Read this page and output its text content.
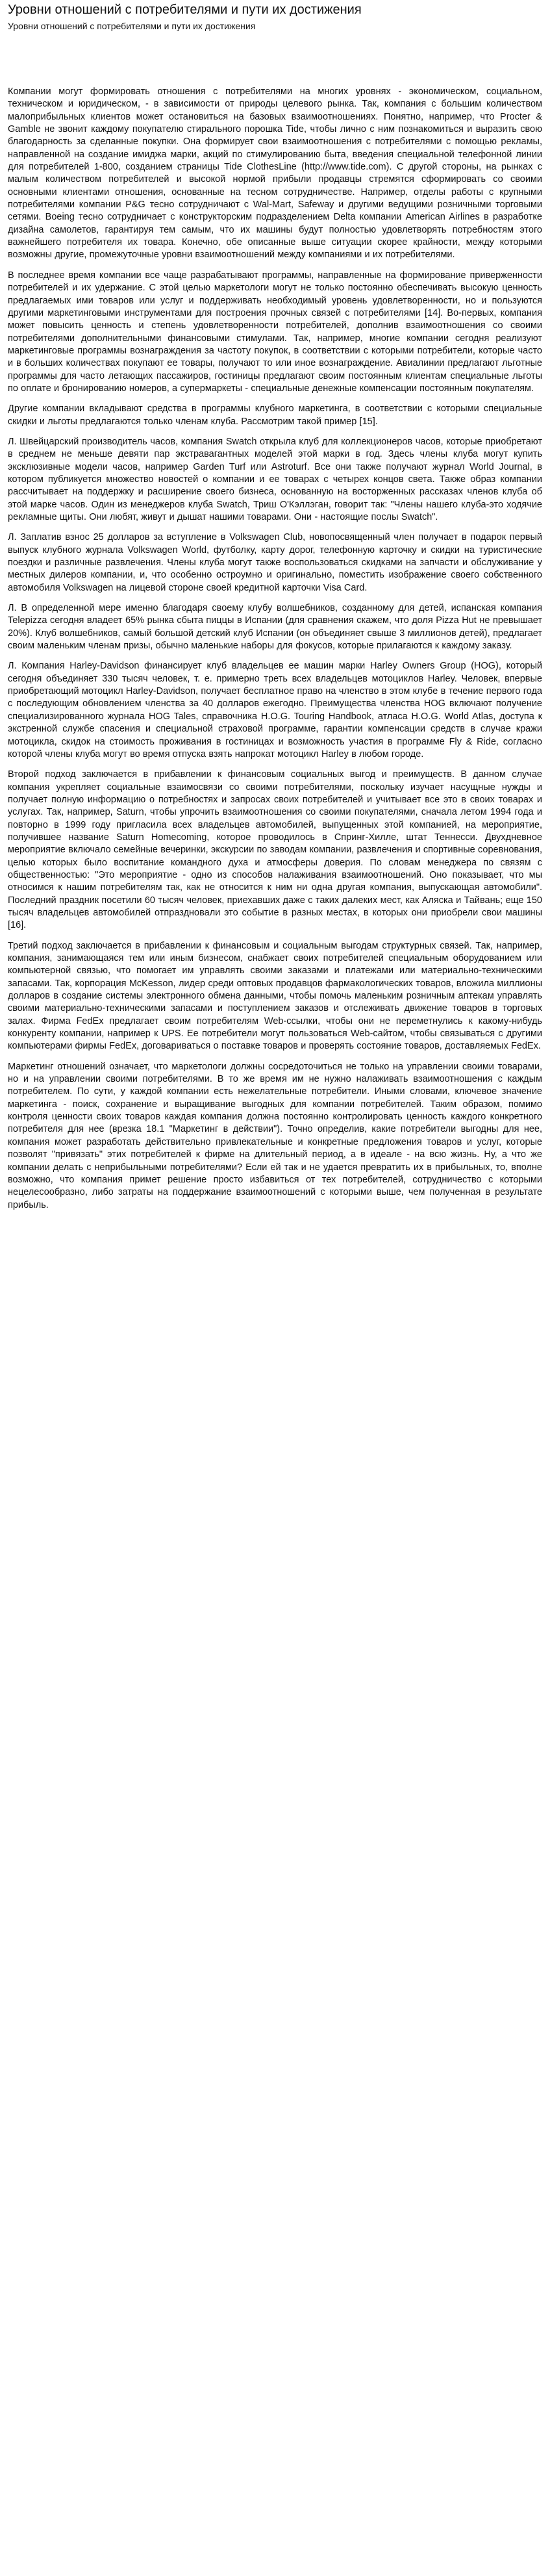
Уровни отношений с потребителями и пути их достижения
Уровни отношений с потребителями и пути их достижения

Компании могут формировать отношения с потребителями на многих уровнях - экономическом, социальном, техническом и юридическом, - в зависимости от природы целевого рынка. Так, компания с большим количеством малоприбыльных клиентов может остановиться на базовых взаимоотношениях. Понятно, например, что Procter & Gamble не звонит каждому покупателю стирального порошка Tide, чтобы лично с ним познакомиться и выразить свою благодарность за сделанные покупки. Она формирует свои взаимоотношения с потребителями с помощью рекламы, направленной на создание имиджа марки, акций по стимулированию быта, введения специальной телефонной линии для потребителей 1-800, созданием страницы Tide ClothesLine (http://www.tide.com). С другой стороны, на рынках с малым количеством потребителей и высокой нормой прибыли продавцы стремятся сформировать со своими основными клиентами отношения, основанные на тесном сотрудничестве. Например, отделы работы с крупными потребителями компании P&G тесно сотрудничают с Wal-Mart, Safeway и другими ведущими розничными торговыми сетями. Boeing тесно сотрудничает с конструкторским подразделением Delta компании American Airlines в разработке дизайна самолетов, гарантируя тем самым, что их машины будут полностью удовлетворять потребностям этого важнейшего потребителя их товара. Конечно, обе описанные выше ситуации скорее крайности, между которыми возможны другие, промежуточные уровни взаимоотношений между компаниями и их потребителями.

В последнее время компании все чаще разрабатывают программы, направленные на формирование приверженности потребителей и их удержание. С этой целью маркетологи могут не только постоянно обеспечивать высокую ценность предлагаемых ими товаров или услуг и поддерживать необходимый уровень удовлетворенности, но и пользуются другими маркетинговыми инструментами для построения прочных связей с потребителями [14]. Во-первых, компания может повысить ценность и степень удовлетворенности потребителей, дополнив взаимоотношения со своими потребителями дополнительными финансовыми стимулами. Так, например, многие компании сегодня реализуют маркетинговые программы вознаграждения за частоту покупок, в соответствии с которыми потребители, которые часто и в больших количествах покупают ее товары, получают то или иное вознаграждение. Авиалинии предлагают льготные программы для часто летающих пассажиров, гостиницы предлагают своим постоянным клиентам специальные льготы по оплате и бронированию номеров, а супермаркеты - специальные денежные компенсации постоянным покупателям.

Другие компании вкладывают средства в программы клубного маркетинга, в соответствии с которыми специальные скидки и льготы предлагаются только членам клуба. Рассмотрим такой пример [15].

Л. Швейцарский производитель часов, компания Swatch открыла клуб для коллекционеров часов, которые приобретают в среднем не меньше девяти пар экстравагантных моделей этой марки в год. Здесь члены клуба могут купить эксклюзивные модели часов, например Garden Turf или Astroturf. Все они также получают журнал World Journal, в котором публикуется множество новостей о компании и ее товарах с четырех концов света. Также образ компании рассчитывает на поддержку и расширение своего бизнеса, основанную на восторженных рассказах членов клуба об этой марке часов. Один из менеджеров клуба Swatch, Триш О'Кэллэган, говорит так: "Члены нашего клуба-это ходячие рекламные щиты. Они любят, живут и дышат нашими товарами. Они - настоящие послы Swatch".

Л. Заплатив взнос 25 долларов за вступление в Volkswagen Club, новопосвященный член получает в подарок первый выпуск клубного журнала Volkswagen World, футболку, карту дорог, телефонную карточку и скидки на туристические поездки и различные развлечения. Члены клуба могут также воспользоваться скидками на запчасти и обслуживание у местных дилеров компании, и, что особенно остроумно и оригинально, поместить изображение своего собственного автомобиля Volkswagen на лицевой стороне своей кредитной карточки Visa Card.

Л. В определенной мере именно благодаря своему клубу волшебников, созданному для детей, испанская компания Telepizza сегодня владеет 65% рынка сбыта пиццы в Испании (для сравнения скажем, что доля Pizza Hut не превышает 20%). Клуб волшебников, самый большой детский клуб Испании (он объединяет свыше 3 миллионов детей), предлагает своим маленьким членам призы, обычно маленькие наборы для фокусов, которые прилагаются к каждому заказу.

Л. Компания Harley-Davidson финансирует клуб владельцев ее машин марки Harley Owners Group (HOG), который сегодня объединяет 330 тысяч человек, т. е. примерно треть всех владельцев мотоциклов Harley. Человек, впервые приобретающий мотоцикл Harley-Davidson, получает бесплатное право на членство в этом клубе в течение первого года с последующим обновлением членства за 40 долларов ежегодно. Преимущества членства HOG включают получение специализированного журнала HOG Tales, справочника H.O.G. Touring Handbook, атласа H.O.G. World Atlas, доступа к экстренной службе спасения и специальной страховой программе, гарантии компенсации средств в случае кражи мотоцикла, скидок на стоимость проживания в гостиницах и возможность участия в программе Fly & Ride, согласно которой члены клуба могут во время отпуска взять напрокат мотоцикл Harley в любом городе.

Второй подход заключается в прибавлении к финансовым социальных выгод и преимуществ. В данном случае компания укрепляет социальные взаимосвязи со своими потребителями, поскольку изучает насущные нужды и получает полную информацию о потребностях и запросах своих потребителей и учитывает все это в своих товарах и услугах. Так, например, Saturn, чтобы упрочить взаимоотношения со своими покупателями, сначала летом 1994 года и повторно в 1999 году пригласила всех владельцев автомобилей, выпущенных этой компанией, на мероприятие, получившее название Saturn Homecoming, которое проводилось в Спринг-Хилле, штат Теннесси. Двухдневное мероприятие включало семейные вечеринки, экскурсии по заводам компании, развлечения и спортивные соревнования, целью которых было воспитание командного духа и атмосферы доверия. По словам менеджера по связям с общественностью: "Это мероприятие - одно из способов налаживания взаимоотношений. Оно показывает, что мы относимся к нашим потребителям так, как не относится к ним ни одна другая компания, выпускающая автомобили". Последний праздник посетили 60 тысяч человек, приехавших даже с таких далеких мест, как Аляска и Тайвань; еще 150 тысяч владельцев автомобилей отпраздновали это событие в разных местах, в которых они приобрели свои машины [16].

Третий подход заключается в прибавлении к финансовым и социальным выгодам структурных связей. Так, например, компания, занимающаяся тем или иным бизнесом, снабжает своих потребителей специальным оборудованием или компьютерной связью, что помогает им управлять своими заказами и платежами или материально-техническими запасами. Так, корпорация McKesson, лидер среди оптовых продавцов фармакологических товаров, вложила миллионы долларов в создание системы электронного обмена данными, чтобы помочь маленьким розничным аптекам управлять своими материально-техническими запасами и поступлением заказов и отслеживать движение товаров в торговых залах. Фирма FedEx предлагает своим потребителям Web-ссылки, чтобы они не переметнулись к какому-нибудь конкуренту компании, например к UPS. Ее потребители могут пользоваться Web-сайтом, чтобы связываться с другими компьютерами фирмы FedEx, договариваться о поставке товаров и проверять состояние товаров, доставляемых FedEx.

Маркетинг отношений означает, что маркетологи должны сосредоточиться не только на управлении своими товарами, но и на управлении своими потребителями. В то же время им не нужно налаживать взаимоотношения с каждым потребителем. По сути, у каждой компании есть нежелательные потребители. Иными словами, ключевое значение маркетинга - поиск, сохранение и выращивание выгодных для компании потребителей. Таким образом, помимо контроля ценности своих товаров каждая компания должна постоянно контролировать ценность каждого конкретного потребителя для нее (врезка 18.1 "Маркетинг в действии"). Точно определив, какие потребители выгодны для нее, компания может разработать действительно привлекательные и конкретные предложения товаров и услуг, которые позволят "привязать" этих потребителей к фирме на длительный период, а в идеале - на всю жизнь. Ну, а что же компании делать с неприбыльными потребителями? Если ей так и не удается превратить их в прибыльных, то, вполне возможно, что компания примет решение просто избавиться от тех потребителей, сотрудничество с которыми нецелесообразно, либо затраты на поддержание взаимоотношений с которыми выше, чем полученная в результате прибыль.
